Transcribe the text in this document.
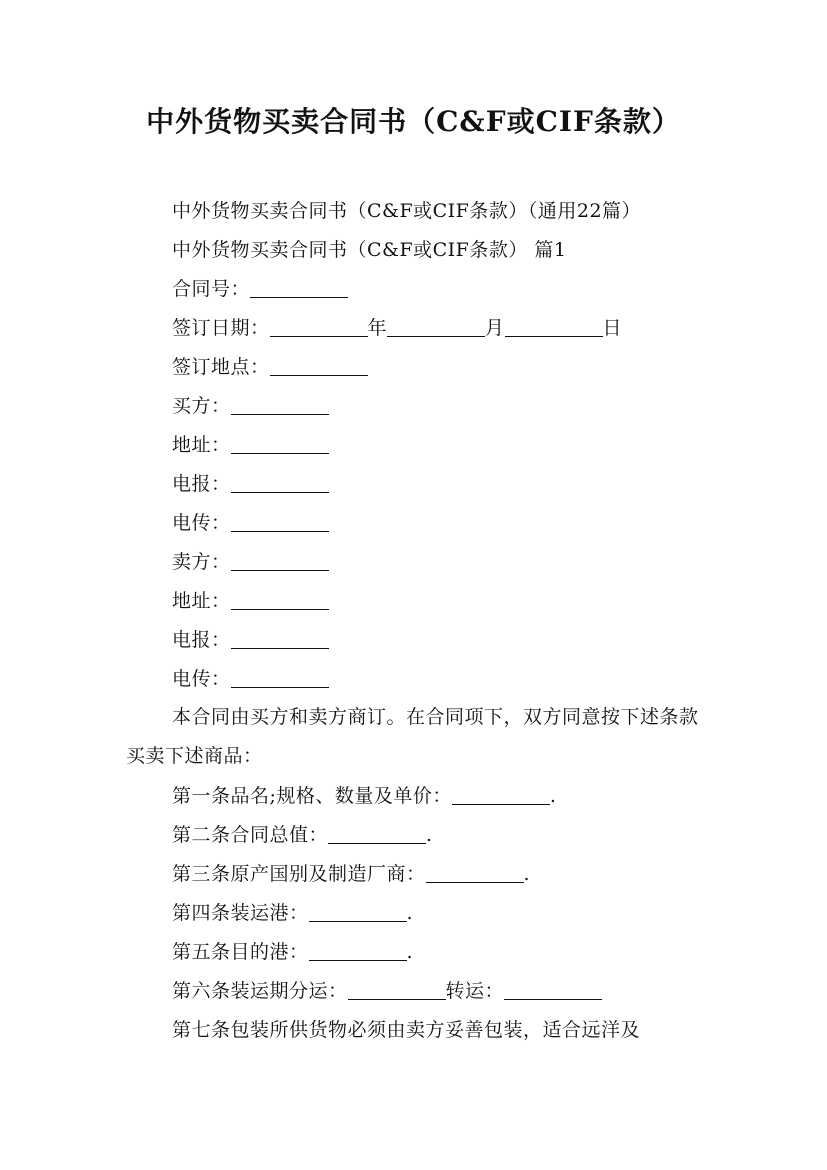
中外货物买卖合同书（C&F或CIF条款）
中外货物买卖合同书（C&F或CIF条款）（通用22篇）
中外货物买卖合同书（C&F或CIF条款） 篇1
合同号：
签订日期：	年	月	日
签订地点：
买方：
地址：
电报：
电传：
卖方：
地址：
电报：
电传：

本合同由买方和卖方商订。在合同项下，双方同意按下述条款买卖下述商品：

第一条品名;规格、数量及单价：	.
第二条合同总值：	.
第三条原产国别及制造厂商：	.
第四条装运港：	.
第五条目的港：	.
第六条装运期分运：	转运：
第七条包装所供货物必须由卖方妥善包装，适合远洋及
